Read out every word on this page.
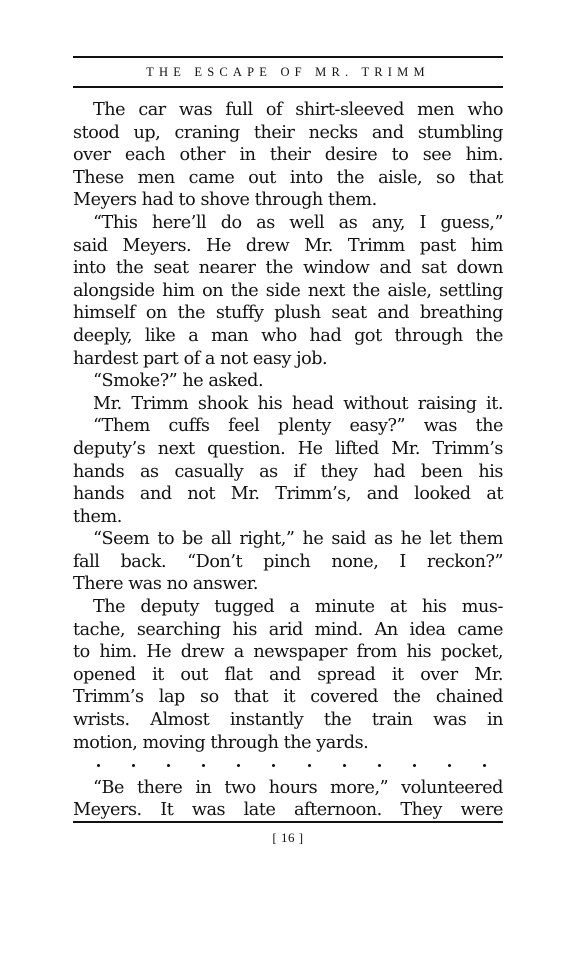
THE ESCAPE OF MR. TRIMM
The car was full of shirt-sleeved men who
stood up, craning their necks and stumbling
over each other in their desire to see him.
These men came out into the aisle, so that
Meyers had to shove through them.
“This here’ll do as well as any, I guess,”
said Meyers. He drew Mr. Trimm past him
into the seat nearer the window and sat down
alongside him on the side next the aisle, settling
himself on the stuffy plush seat and breathing
deeply, like a man who had got through the
hardest part of a not easy job.
“Smoke?” he asked.
Mr. Trimm shook his head without raising it.
“Them cuffs feel plenty easy?” was the
deputy’s next question. He lifted Mr. Trimm’s
hands as casually as if they had been his
hands and not Mr. Trimm’s, and looked at
them.
“Seem to be all right,” he said as he let them
fall back. “Don’t pinch none, I reckon?”
There was no answer.
The deputy tugged a minute at his mus-
tache, searching his arid mind. An idea came
to him. He drew a newspaper from his pocket,
opened it out flat and spread it over Mr.
Trimm’s lap so that it covered the chained
wrists. Almost instantly the train was in
motion, moving through the yards.
“Be there in two hours more,” volunteered
Meyers. It was late afternoon. They were
[ 16 ]
